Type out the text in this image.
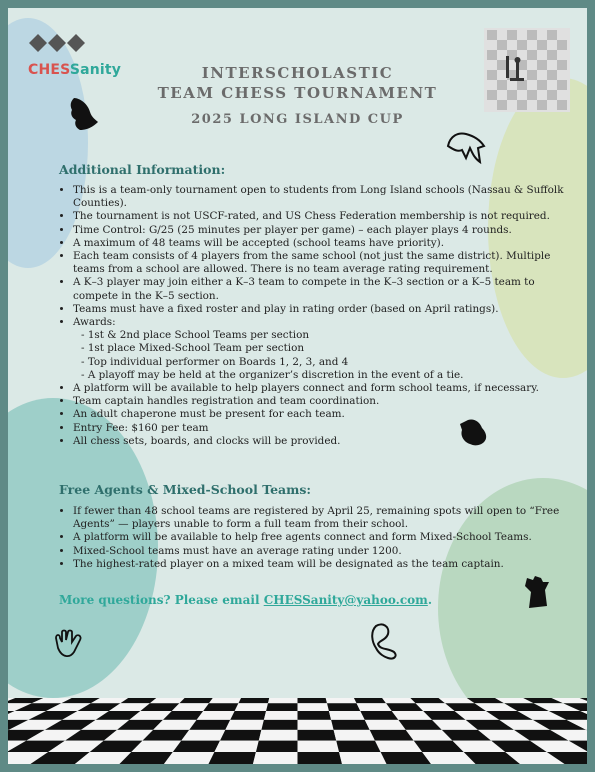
CHESSanity	INTERSCHOLASTIC
TEAM CHESS TOURNAMENT
2025 LONG ISLAND CUP
Additional Information:
• This is a team-only tournament open to students from Long Island schools (Nassau & Suffolk Counties).
• The tournament is not USCF-rated, and US Chess Federation membership is not required.
• Time Control: G/25 (25 minutes per player per game) – each player plays 4 rounds.
• A maximum of 48 teams will be accepted (school teams have priority).
• Each team consists of 4 players from the same school (not just the same district). Multiple teams from a school are allowed. There is no team average rating requirement.
• A K–3 player may join either a K–3 team to compete in the K–3 section or a K–5 team to compete in the K–5 section.
• Teams must have a fixed roster and play in rating order (based on April ratings).
• Awards:
- 1st & 2nd place School Teams per section
- 1st place Mixed-School Team per section
- Top individual performer on Boards 1, 2, 3, and 4
- A playoff may be held at the organizer’s discretion in the event of a tie.
• A platform will be available to help players connect and form school teams, if necessary.
• Team captain handles registration and team coordination.
• An adult chaperone must be present for each team.
• Entry Fee: $160 per team
• All chess sets, boards, and clocks will be provided.
Free Agents & Mixed-School Teams:
• If fewer than 48 school teams are registered by April 25, remaining spots will open to “Free Agents” — players unable to form a full team from their school.
• A platform will be available to help free agents connect and form Mixed-School Teams.
• Mixed-School teams must have an average rating under 1200.
• The highest-rated player on a mixed team will be designated as the team captain.
More questions? Please email CHESSanity@yahoo.com.
